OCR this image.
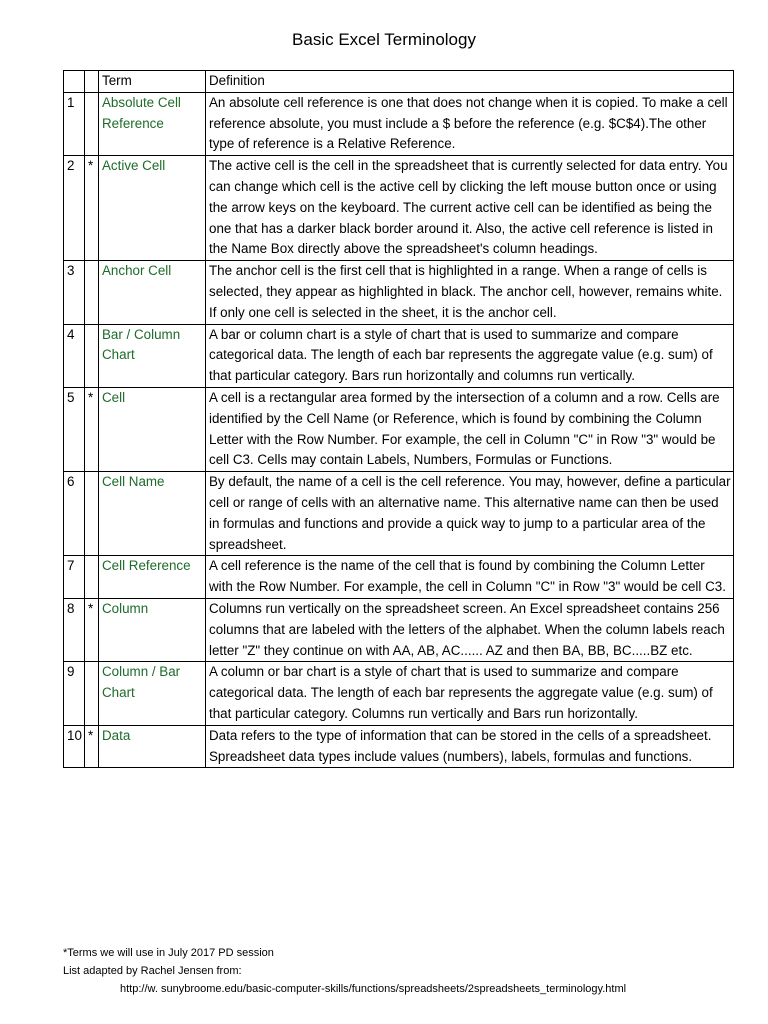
Basic Excel Terminology
		Term	Definition
1		Absolute Cell Reference	An absolute cell reference is one that does not change when it is copied. To make a cell reference absolute, you must include a $ before the reference (e.g. $C$4).The other type of reference is a Relative Reference.
2	*	Active Cell	The active cell is the cell in the spreadsheet that is currently selected for data entry. You can change which cell is the active cell by clicking the left mouse button once or using the arrow keys on the keyboard. The current active cell can be identified as being the one that has a darker black border around it. Also, the active cell reference is listed in the Name Box directly above the spreadsheet's column headings.
3		Anchor Cell	The anchor cell is the first cell that is highlighted in a range. When a range of cells is selected, they appear as highlighted in black. The anchor cell, however, remains white. If only one cell is selected in the sheet, it is the anchor cell.
4		Bar / Column Chart	A bar or column chart is a style of chart that is used to summarize and compare categorical data. The length of each bar represents the aggregate value (e.g. sum) of that particular category. Bars run horizontally and columns run vertically.
5	*	Cell	A cell is a rectangular area formed by the intersection of a column and a row. Cells are identified by the Cell Name (or Reference, which is found by combining the Column Letter with the Row Number. For example, the cell in Column "C" in Row "3" would be cell C3. Cells may contain Labels, Numbers, Formulas or Functions.
6		Cell Name	By default, the name of a cell is the cell reference. You may, however, define a particular cell or range of cells with an alternative name. This alternative name can then be used in formulas and functions and provide a quick way to jump to a particular area of the spreadsheet.
7		Cell Reference	A cell reference is the name of the cell that is found by combining the Column Letter with the Row Number. For example, the cell in Column "C" in Row "3" would be cell C3.
8	*	Column	Columns run vertically on the spreadsheet screen. An Excel spreadsheet contains 256 columns that are labeled with the letters of the alphabet. When the column labels reach letter "Z" they continue on with AA, AB, AC...... AZ and then BA, BB, BC.....BZ etc.
9		Column / Bar Chart	A column or bar chart is a style of chart that is used to summarize and compare categorical data. The length of each bar represents the aggregate value (e.g. sum) of that particular category. Columns run vertically and Bars run horizontally.
10	*	Data	Data refers to the type of information that can be stored in the cells of a spreadsheet. Spreadsheet data types include values (numbers), labels, formulas and functions.
*Terms we will use in July 2017 PD session
List adapted by Rachel Jensen from:
http://w. sunybroome.edu/basic-computer-skills/functions/spreadsheets/2spreadsheets_terminology.html
